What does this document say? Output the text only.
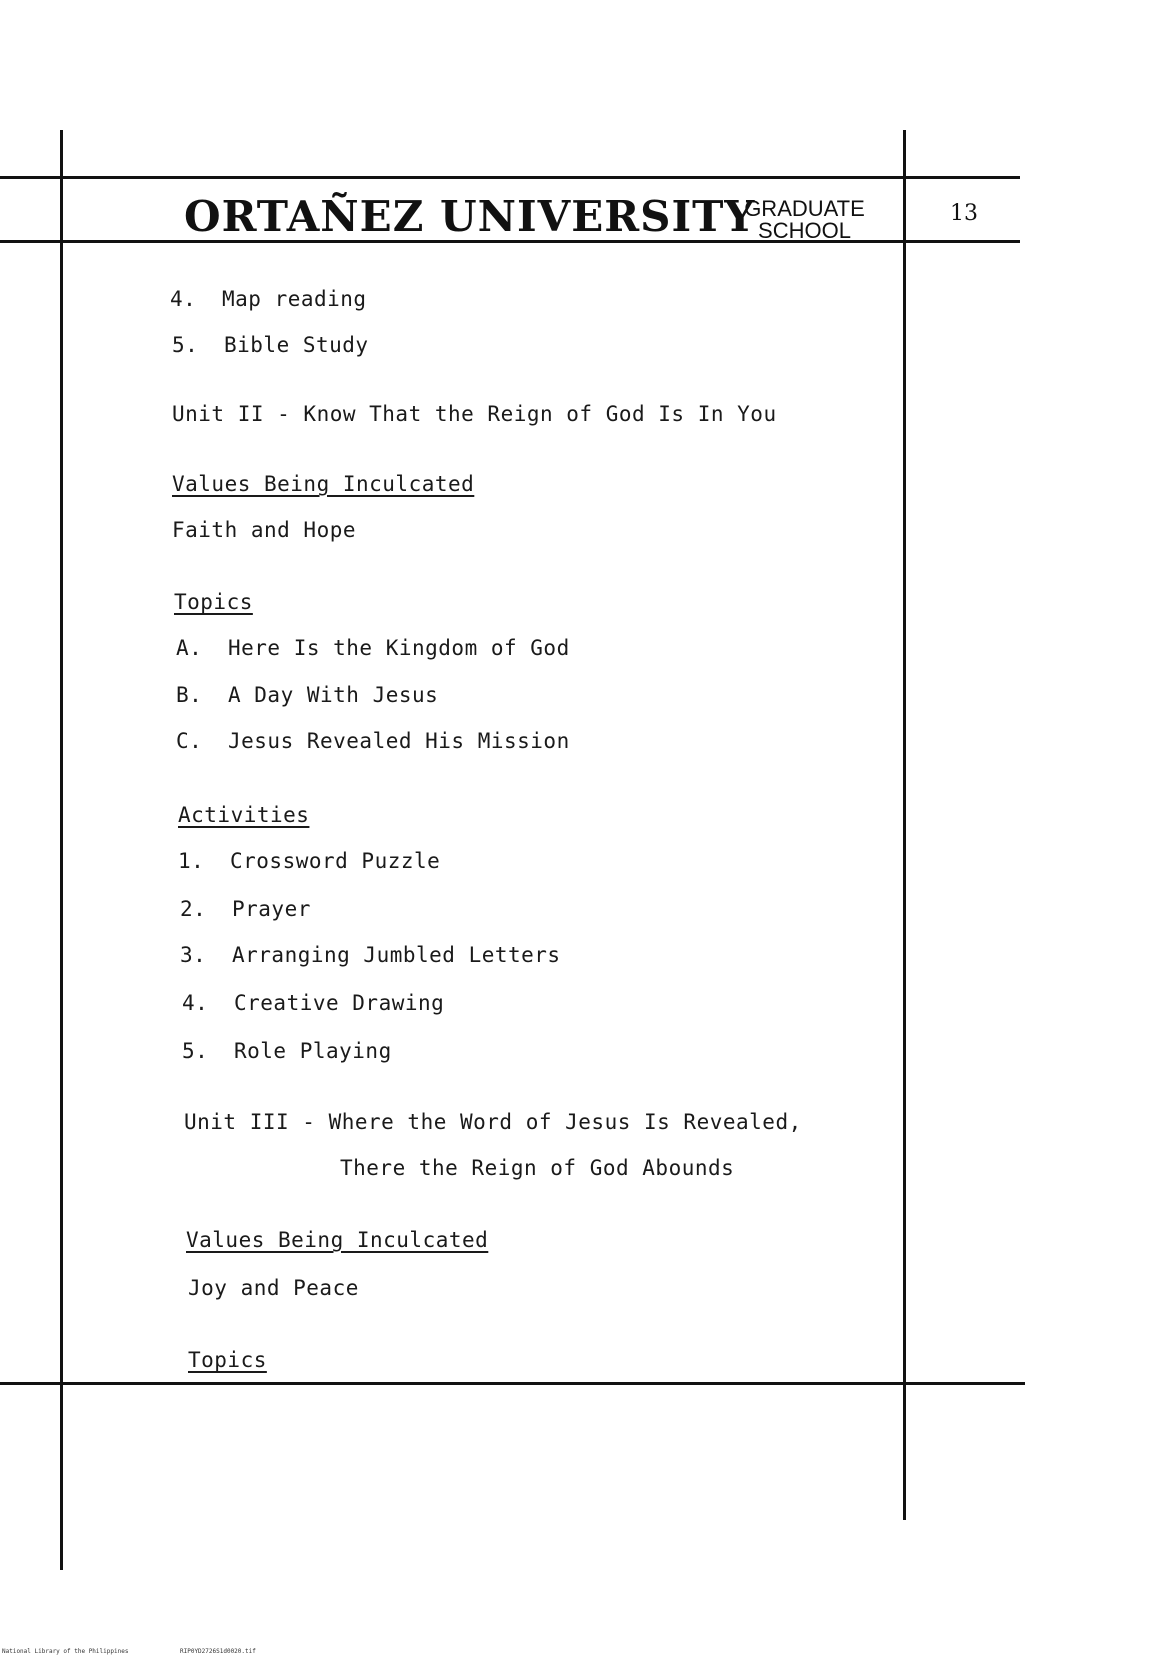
ORTAÑEZ UNIVERSITY
GRADUATE
SCHOOL
13
4. Map reading
5. Bible Study
Unit II - Know That the Reign of God Is In You
Values Being Inculcated
Faith and Hope
Topics
A. Here Is the Kingdom of God
B. A Day With Jesus
C. Jesus Revealed His Mission
Activities
1. Crossword Puzzle
2. Prayer
3. Arranging Jumbled Letters
4. Creative Drawing
5. Role Playing
Unit III - Where the Word of Jesus Is Revealed,
There the Reign of God Abounds
Values Being Inculcated
Joy and Peace
Topics
National Library of the Philippines	RIP0YD2726S1d0020.tif
